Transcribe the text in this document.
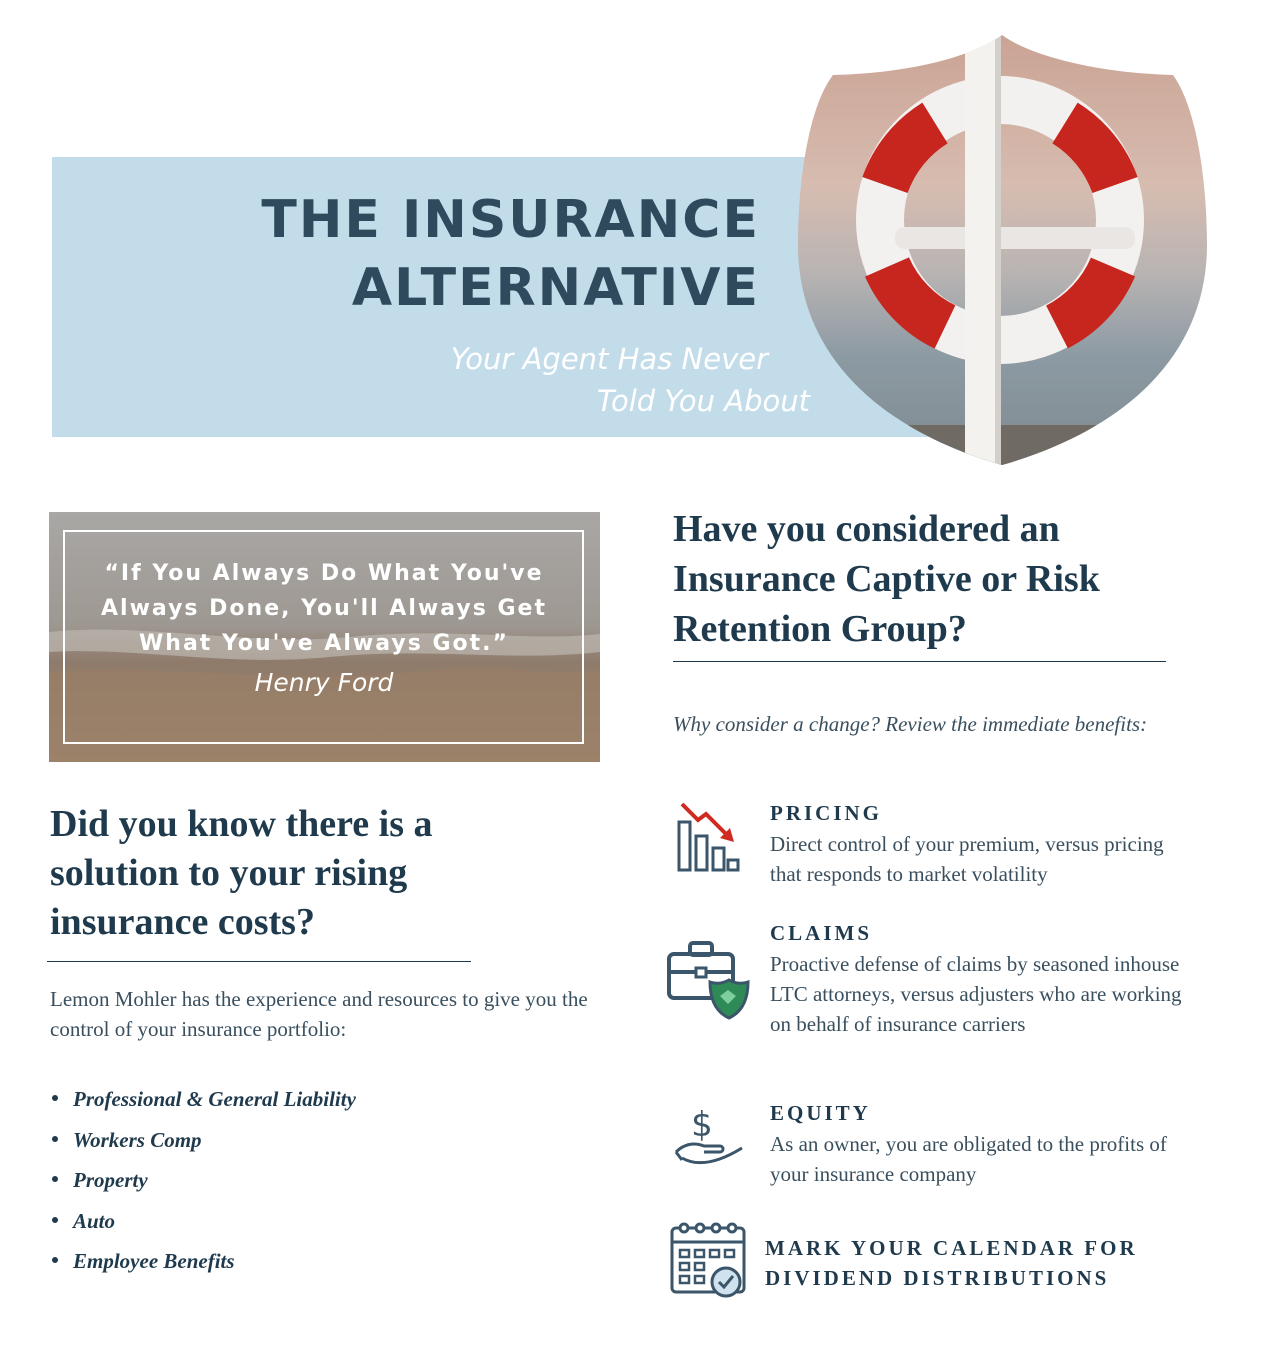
THE INSURANCE
ALTERNATIVE
Your Agent Has Never
Told You About
“If You Always Do What You've Always Done, You'll Always Get What You've Always Got.”
Henry Ford
Did you know there is a solution to your rising insurance costs?
Lemon Mohler has the experience and resources to give you the control of your insurance portfolio:
Professional & General Liability
Workers Comp
Property
Auto
Employee Benefits
Have you considered an Insurance Captive or Risk Retention Group?
Why consider a change? Review the immediate benefits:
PRICING
Direct control of your premium, versus pricing that responds to market volatility
CLAIMS
Proactive defense of claims by seasoned inhouse LTC attorneys, versus adjusters who are working on behalf of insurance carriers
$	EQUITY
As an owner, you are obligated to the profits of your insurance company
MARK YOUR CALENDAR FOR
DIVIDEND DISTRIBUTIONS
